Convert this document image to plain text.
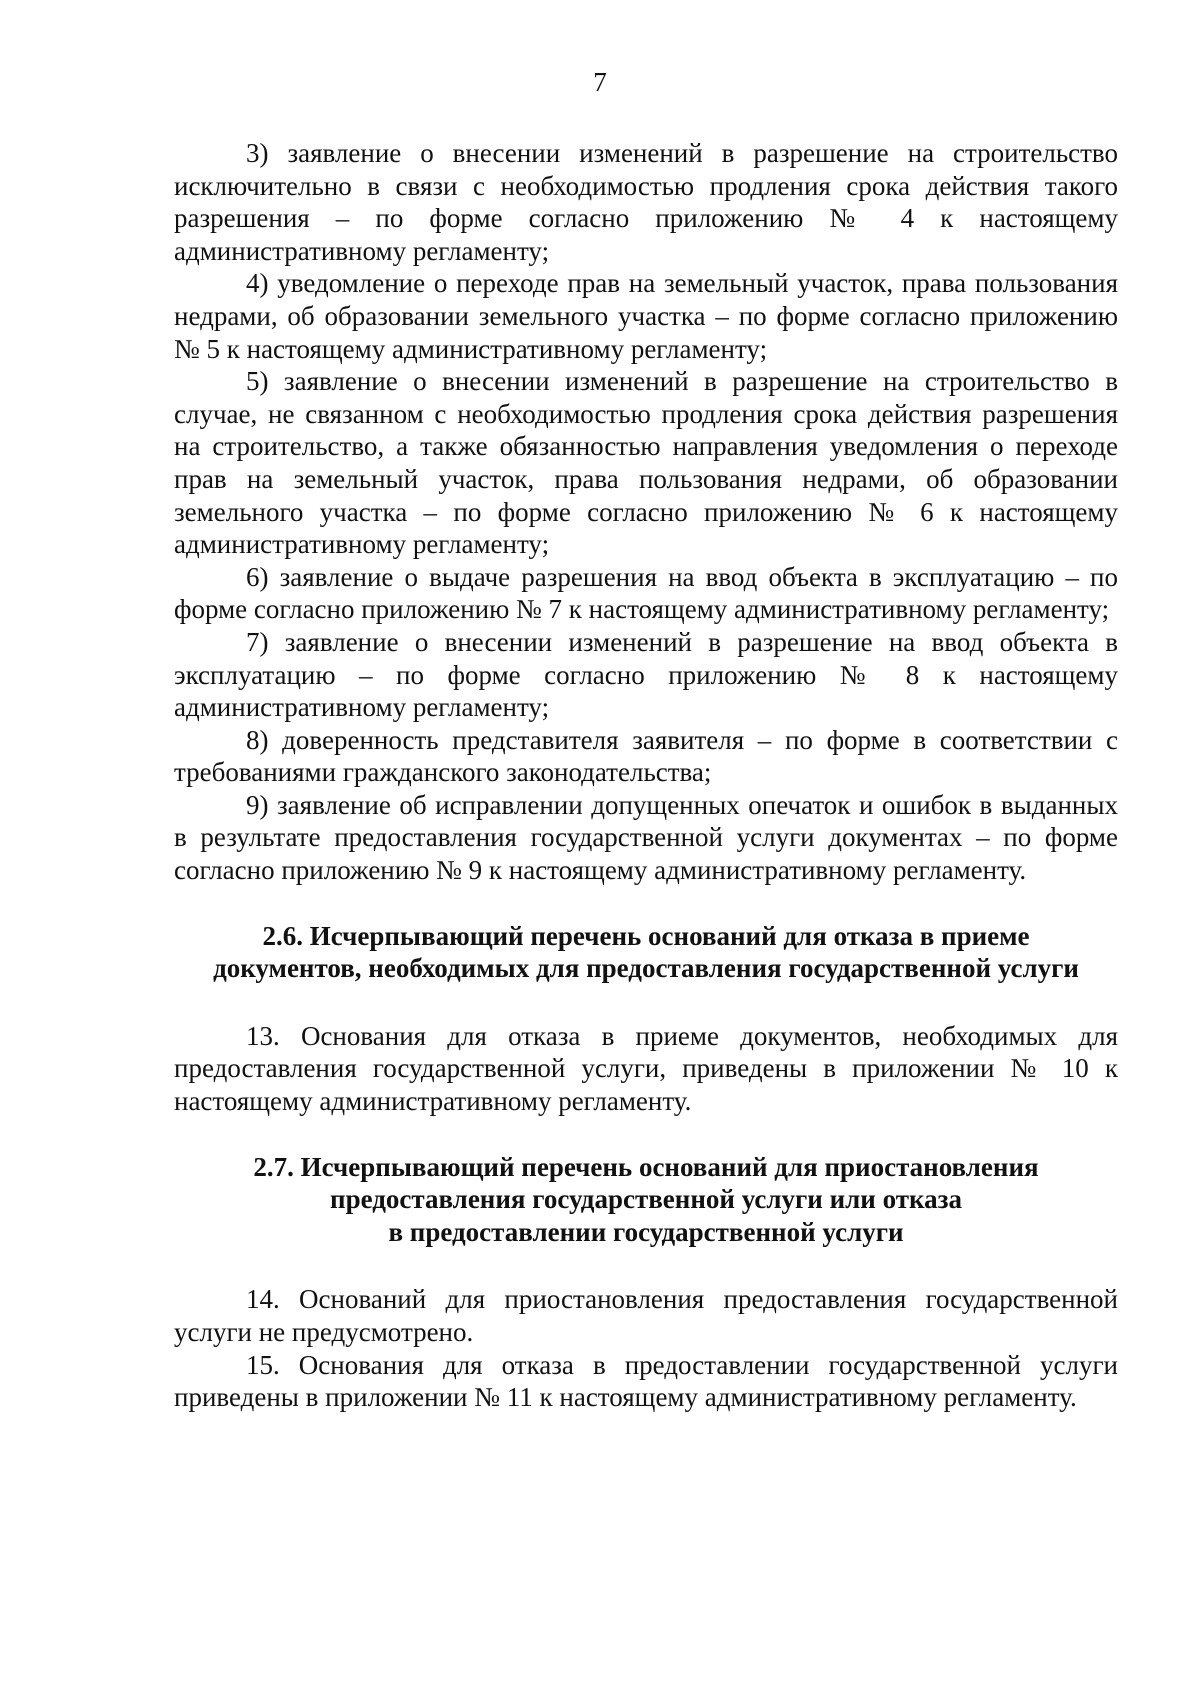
7

3) заявление о внесении изменений в разрешение на строительство исключительно в связи с необходимостью продления срока действия такого разрешения – по форме согласно приложению № 4 к настоящему административному регламенту;

4) уведомление о переходе прав на земельный участок, права пользования недрами, об образовании земельного участка – по форме согласно приложению № 5 к настоящему административному регламенту;

5) заявление о внесении изменений в разрешение на строительство в случае, не связанном с необходимостью продления срока действия разрешения на строительство, а также обязанностью направления уведомления о переходе прав на земельный участок, права пользования недрами, об образовании земельного участка – по форме согласно приложению № 6 к настоящему административному регламенту;

6) заявление о выдаче разрешения на ввод объекта в эксплуатацию – по форме согласно приложению № 7 к настоящему административному регламенту;

7) заявление о внесении изменений в разрешение на ввод объекта в эксплуатацию – по форме согласно приложению № 8 к настоящему административному регламенту;

8) доверенность представителя заявителя – по форме в соответствии с требованиями гражданского законодательства;

9) заявление об исправлении допущенных опечаток и ошибок в выданных в результате предоставления государственной услуги документах – по форме согласно приложению № 9 к настоящему административному регламенту.

2.6. Исчерпывающий перечень оснований для отказа в приеме
документов, необходимых для предоставления государственной услуги

13. Основания для отказа в приеме документов, необходимых для предоставления государственной услуги, приведены в приложении № 10 к настоящему административному регламенту.

2.7. Исчерпывающий перечень оснований для приостановления
предоставления государственной услуги или отказа
в предоставлении государственной услуги

14. Оснований для приостановления предоставления государственной услуги не предусмотрено.

15. Основания для отказа в предоставлении государственной услуги приведены в приложении № 11 к настоящему административному регламенту.
